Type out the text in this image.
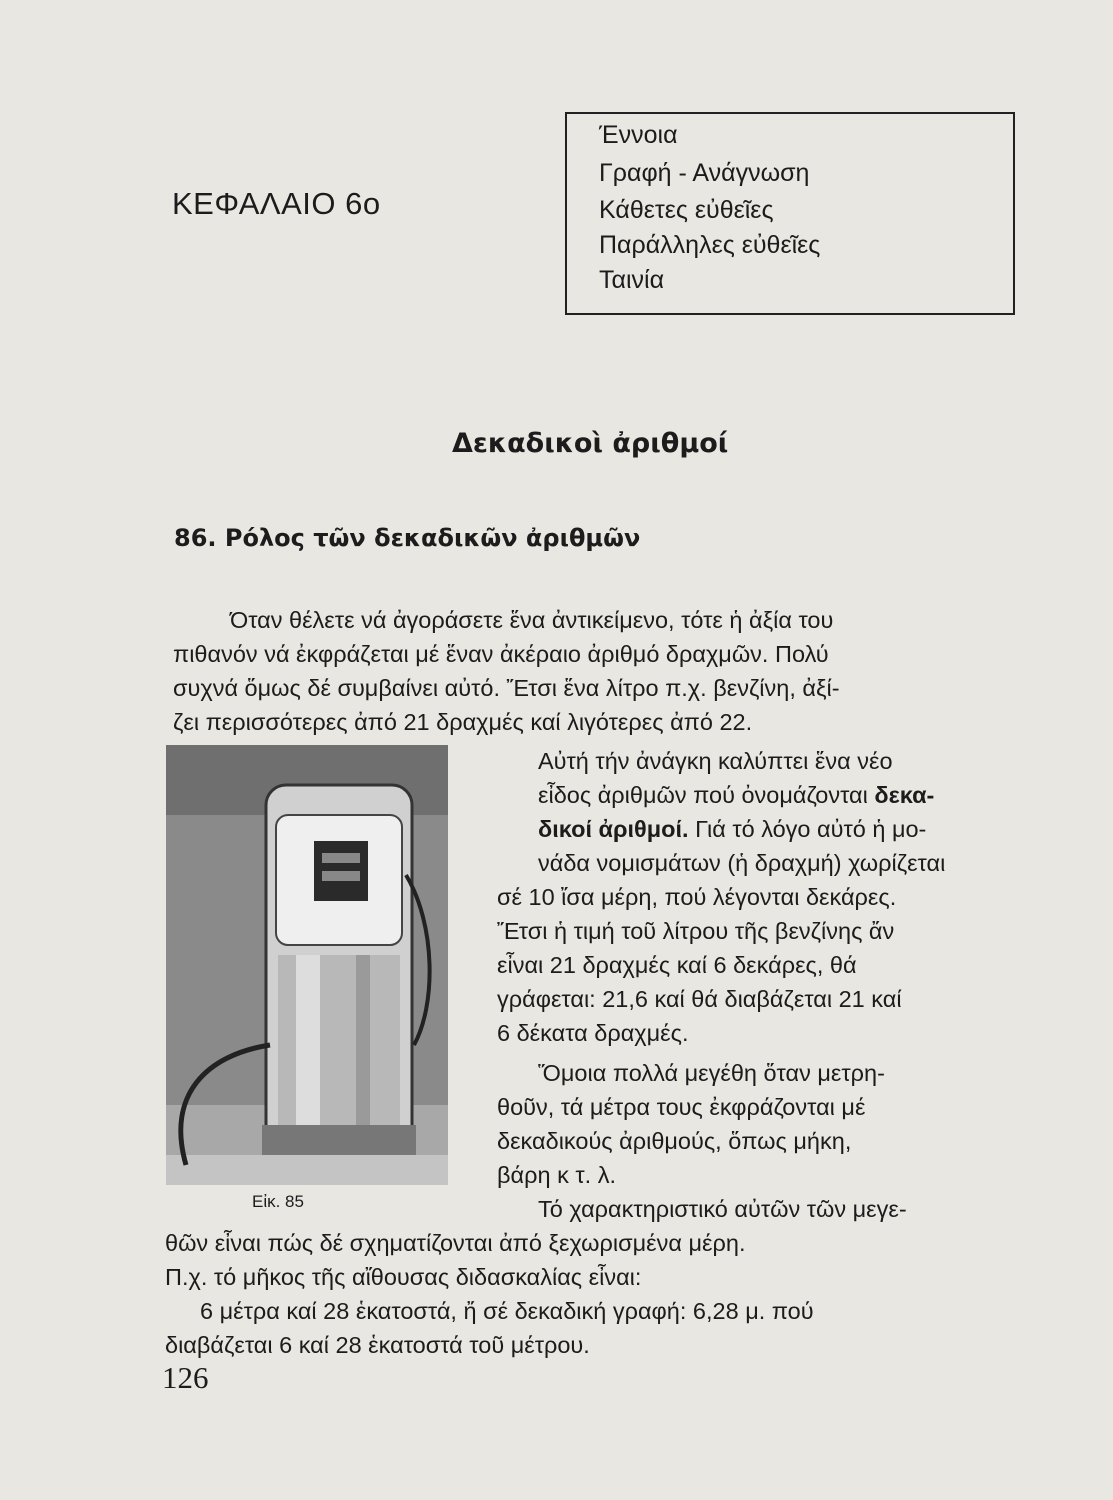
ΚΕΦΑΛΑΙΟ 6ο
Έννοια
Γραφή - Ανάγνωση
Κάθετες εὐθεῖες
Παράλληλες εὐθεῖες
Ταινία
Δεκαδικοὶ ἀριθμοί
86. Ρόλος τῶν δεκαδικῶν ἀριθμῶν
Όταν θέλετε νά ἀγοράσετε ἕνα ἀντικείμενο, τότε ἡ ἀξία του
πιθανόν νά ἐκφράζεται μέ ἕναν ἀκέραιο ἀριθμό δραχμῶν. Πολύ
συχνά ὅμως δέ συμβαίνει αὐτό. Ἔτσι ἕνα λίτρο π.χ. βενζίνη, ἀξί-
ζει περισσότερες ἀπό 21 δραχμές καί λιγότερες ἀπό 22.
Εἰκ. 85
Αὐτή τήν ἀνάγκη καλύπτει ἕνα νέο
εἶδος ἀριθμῶν πού ὀνομάζονται δεκα-
δικοί ἀριθμοί. Γιά τό λόγο αὐτό ἡ μο-
νάδα νομισμάτων (ἡ δραχμή) χωρίζεται
σέ 10 ἴσα μέρη, πού λέγονται δεκάρες.
Ἔτσι ἡ τιμή τοῦ λίτρου τῆς βενζίνης ἄν
εἶναι 21 δραχμές καί 6 δεκάρες, θά
γράφεται: 21,6 καί θά διαβάζεται 21 καί
6 δέκατα δραχμές.
Ὅμοια πολλά μεγέθη ὅταν μετρη-
θοῦν, τά μέτρα τους ἐκφράζονται μέ
δεκαδικούς ἀριθμούς, ὅπως μήκη,
βάρη κ τ. λ.
Τό χαρακτηριστικό αὐτῶν τῶν μεγε-
θῶν εἶναι πώς δέ σχηματίζονται ἀπό ξεχωρισμένα μέρη.
Π.χ. τό μῆκος τῆς αἴθουσας διδασκαλίας εἶναι:
6 μέτρα καί 28 ἑκατοστά, ἤ σέ δεκαδική γραφή: 6,28 μ. πού
διαβάζεται 6 καί 28 ἑκατοστά τοῦ μέτρου.
126
